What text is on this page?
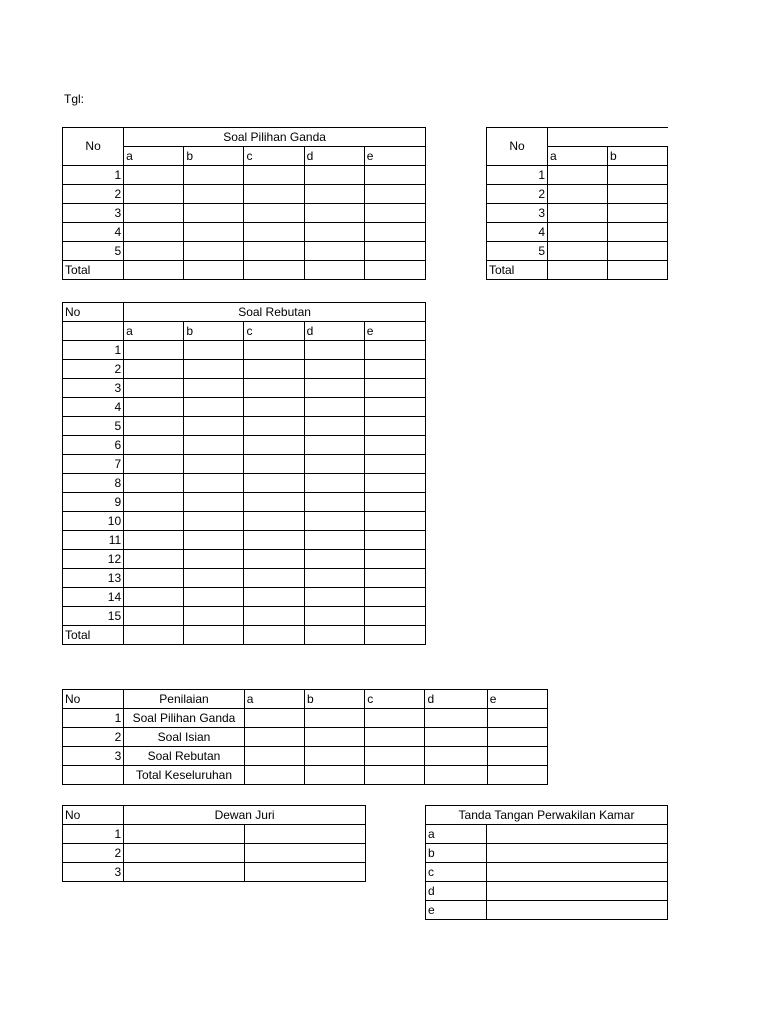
Tgl:
No	Soal Pilihan Ganda				
	a	b	c	d	e
1					
2					
3					
4					
5					
Total					
No			
	a	b	
1			
2			
3			
4			
5			
Total			
No	Soal Rebutan				
	a	b	c	d	e
1					
2					
3					
4					
5					
6					
7					
8					
9					
10					
11					
12					
13					
14					
15					
Total					
No	Penilaian	a	b	c	d	e
1	Soal Pilihan Ganda					
2	Soal Isian					
3	Soal Rebutan					
	Total Keseluruhan					
No	Dewan Juri	
1		
2		
3		
Tanda Tangan Perwakilan Kamar	
a	
b	
c	
d	
e	
